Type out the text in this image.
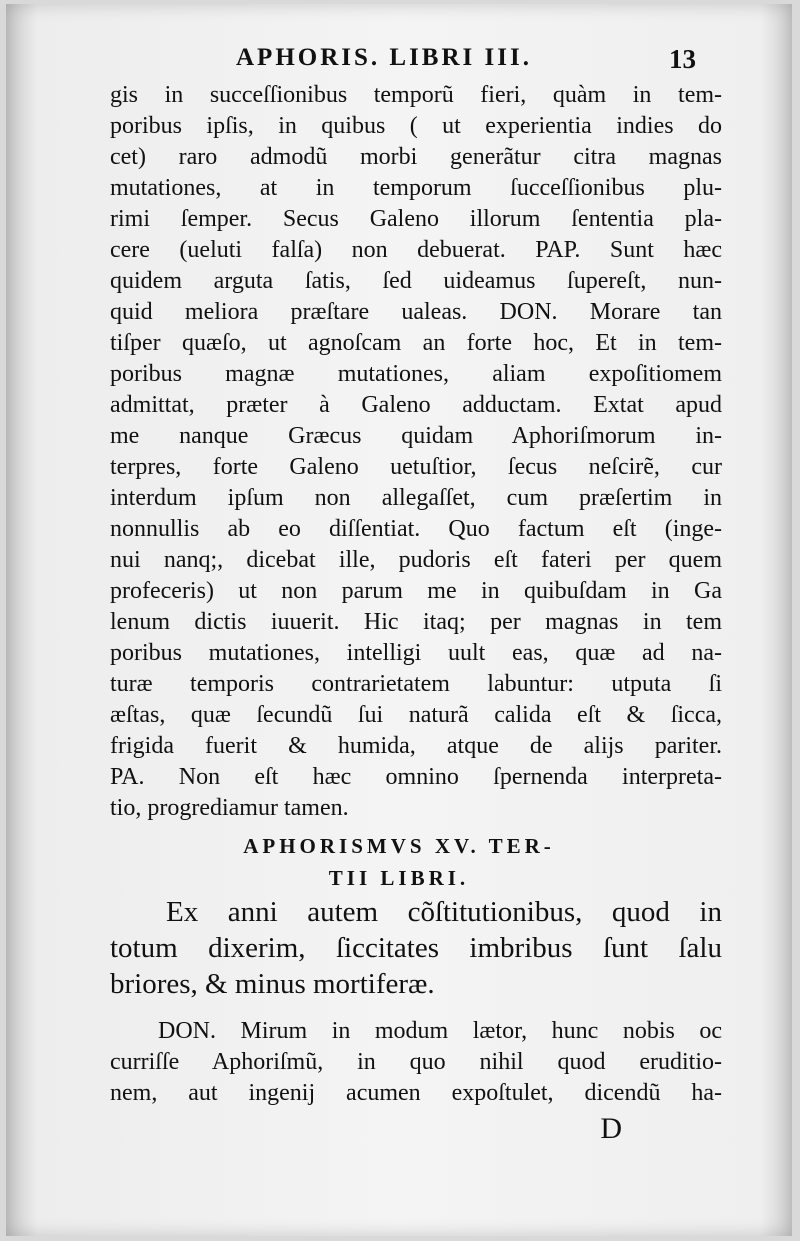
APHORIS. LIBRI III.	13
gis in succeſſionibus temporũ fieri, quàm in tem-
poribus ipſis, in quibus ( ut experientia indies do
cet) raro admodũ morbi generãtur citra magnas
mutationes, at in temporum ſucceſſionibus plu-
rimi ſemper. Secus Galeno illorum ſententia pla-
cere (ueluti falſa) non debuerat. PAP. Sunt hæc
quidem arguta ſatis, ſed uideamus ſupereſt, nun-
quid meliora præſtare ualeas. DON. Morare tan
tiſper quæſo, ut agnoſcam an forte hoc, Et in tem-
poribus magnæ mutationes, aliam expoſitiomem
admittat, præter à Galeno adductam. Extat apud
me nanque Græcus quidam Aphoriſmorum in-
terpres, forte Galeno uetuſtior, ſecus neſcirẽ, cur
interdum ipſum non allegaſſet, cum præſertim in
nonnullis ab eo diſſentiat. Quo factum eſt (inge-
nui nanq;, dicebat ille, pudoris eſt fateri per quem
profeceris) ut non parum me in quibuſdam in Ga
lenum dictis iuuerit. Hic itaq; per magnas in tem
poribus mutationes, intelligi uult eas, quæ ad na-
turæ temporis contrarietatem labuntur: utputa ſi
æſtas, quæ ſecundũ ſui naturã calida eſt & ſicca,
frigida fuerit & humida, atque de alijs pariter.
PA. Non eſt hæc omnino ſpernenda interpreta-
tio, progrediamur tamen.
APHORISMVS XV. TER-
TII LIBRI.
Ex anni autem cõſtitutionibus, quod in
totum dixerim, ſiccitates imbribus ſunt ſalu
briores, & minus mortiferæ.
DON. Mirum in modum lætor, hunc nobis oc
curriſſe Aphoriſmũ, in quo nihil quod eruditio-
nem, aut ingenij acumen expoſtulet, dicendũ ha-
D
